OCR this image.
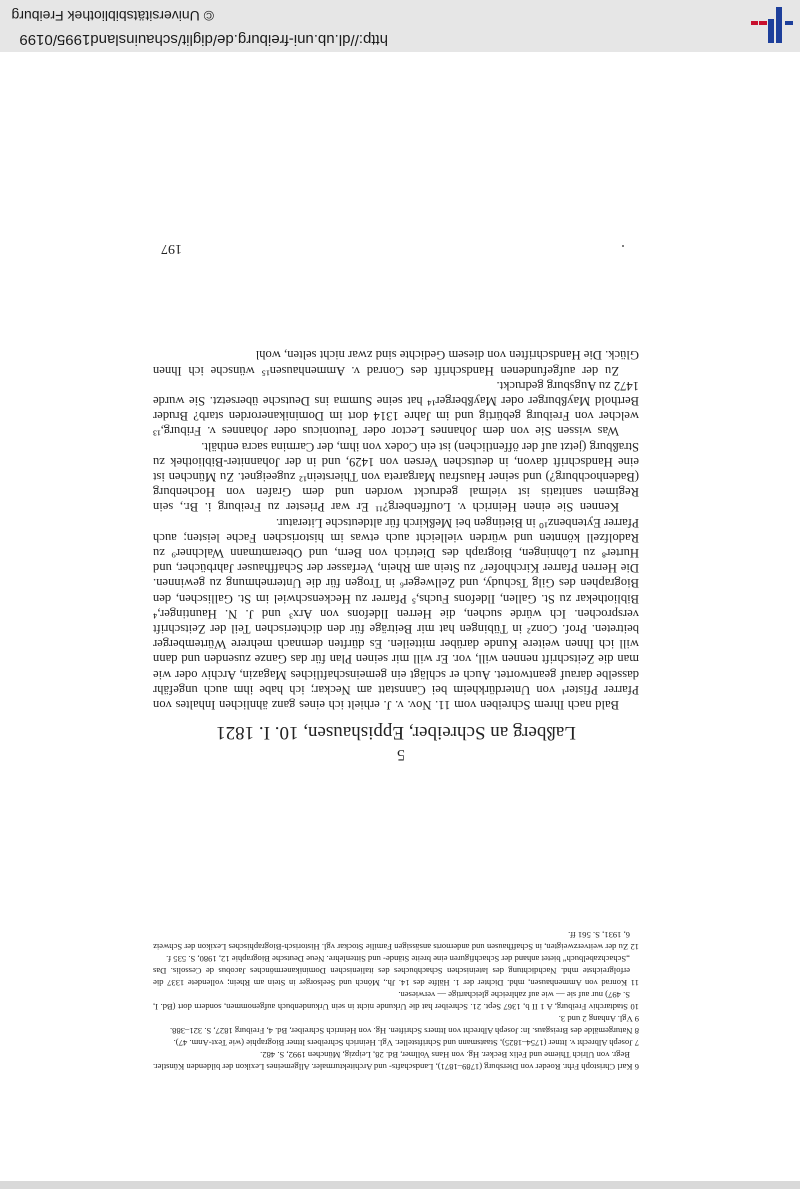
6 Karl Christoph Frhr. Roeder von Diersburg (1789–1871), Landschafts- und Architekturmaler. Allgemeines Lexikon der bildenden Künstler. Begr. von Ulrich Thieme und Felix Becker. Hg. von Hans Vollmer, Bd. 28, Leipzig, München 1992, S. 482.

7 Joseph Albrecht v. Ittner (1754–1825), Staatsmann und Schriftsteller. Vgl. Heinrich Schreibers Ittner Biographie (wie Text-Anm. 47).

8 Naturgemälde des Breisgaus. In: Joseph Albrecht von Ittners Schriften. Hg. von Heinrich Schreiber, Bd. 4, Freiburg 1827, S. 321–388.

9 Vgl. Anhang 2 und 3.

10 Stadtarchiv Freiburg, A 1 II b, 1367 Sept. 21. Schreiber hat die Urkunde nicht in sein Urkundenbuch aufgenommen, sondern dort (Bd. I, S. 497) nur auf sie — wie auf zahlreiche gleichartige — verwiesen.

11 Konrad von Ammenhausen, mhd. Dichter der 1. Hälfte des 14. Jh., Mönch und Seelsorger in Stein am Rhein; vollendete 1337 die erfolgreichste mhd. Nachdichtung des lateinischen Schachbuches des italienischen Dominikanermönches Jacobus de Cessolis. Das „Schachzabelbuch“ bietet anhand der Schachfiguren eine breite Stände- und Sittenlehre. Neue Deutsche Biographie 12, 1980, S. 535 f.

12 Zu der weitverzweigten, in Schaffhausen und andernorts ansässigen Familie Stockar vgl. Historisch-Biographisches Lexikon der Schweiz 6, 1931, S. 561 ff.

5
Laßberg an Schreiber, Eppishausen, 10. I. 1821

Bald nach Ihrem Schreiben vom 11. Nov. v. J. erhielt ich eines ganz ähnlichen Inhaltes von Pfarrer Pfister¹ von Unterdürkheim bei Cannstatt am Neckar; ich habe ihm auch ungefähr dasselbe darauf geantwortet. Auch er schlägt ein gemeinschaftliches Magazin, Archiv oder wie man die Zeitschrift nennen will, vor. Er will mir seinen Plan für das Ganze zusenden und dann will ich Ihnen weitere Kunde darüber mitteilen. Es dürften demnach mehrere Würtemberger beitreten. Prof. Conz² in Tübingen hat mir Beiträge für den dichterischen Teil der Zeitschrift versprochen. Ich würde suchen, die Herren Ildefons von Arx³ und J. N. Hauntinger,⁴ Bibliothekar zu St. Gallen, Ildefons Fuchs,⁵ Pfarrer zu Heckenschwiel im St. Gallischen, den Biographen des Gilg Tschudy, und Zellweger⁶ in Trogen für die Unternehmung zu gewinnen. Die Herren Pfarrer Kirchhofer⁷ zu Stein am Rhein, Verfasser der Schaffhauser Jahrbücher, und Hurter⁸ zu Löhningen, Biograph des Dietrich von Bern, und Oberamtmann Walchner⁹ zu Radolfzell könnten und würden vielleicht auch etwas im historischen Fache leisten; auch Pfarrer Eytenbenz¹⁰ in Bietingen bei Meßkirch für altdeutsche Literatur.

Kennen Sie einen Heinrich v. Louffenberg?¹¹ Er war Priester zu Freiburg i. Br., sein Regimen sanitatis ist vielmal gedruckt worden und dem Grafen von Hochenburg (Badenhochburg?) und seiner Hausfrau Margareta von Thierstein¹² zugeeignet. Zu München ist eine Handschrift davon, in deutschen Versen von 1429, und in der Johanniter-Bibliothek zu Straßburg (jetzt auf der öffentlichen) ist ein Codex von ihm, der Carmina sacra enthält.

Was wissen Sie von dem Johannes Lector oder Teutonicus oder Johannes v. Friburg,¹³ welcher von Freiburg gebürtig und im Jahre 1314 dort im Dominikanerorden starb? Bruder Berthold Mayßburger oder Mayßberger¹⁴ hat seine Summa ins Deutsche übersetzt. Sie wurde 1472 zu Augsburg gedruckt.

Zu der aufgefundenen Handschrift des Conrad v. Ammenhausen¹⁵ wünsche ich Ihnen Glück. Die Handschriften von diesem Gedichte sind zwar nicht selten, wohl

197
http://dl.ub.uni-freiburg.de/diglit/schauinsland1995/0199
© Universitätsbibliothek Freiburg
